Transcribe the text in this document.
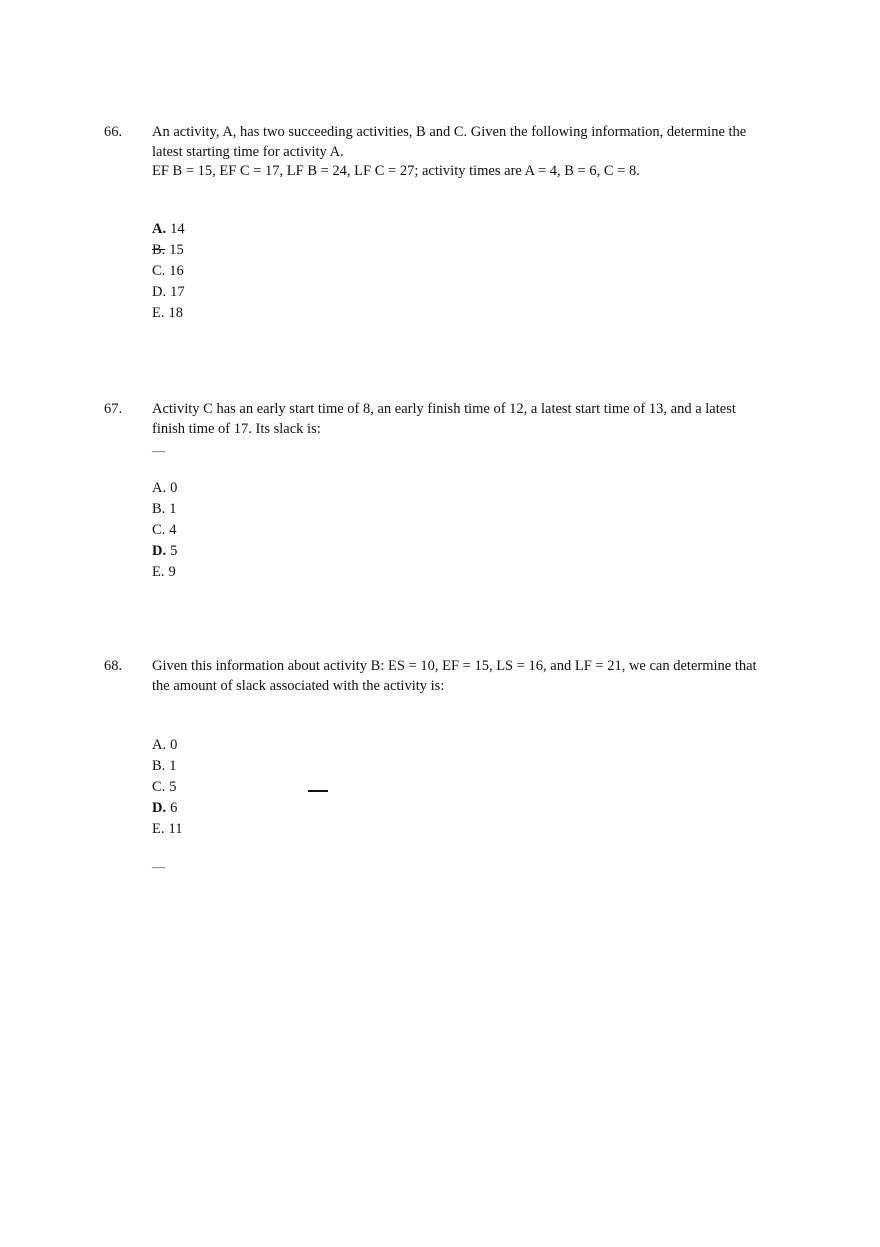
66. An activity, A, has two succeeding activities, B and C. Given the following information, determine the
latest starting time for activity A.
EF B = 15, EF C = 17, LF B = 24, LF C = 27; activity times are A = 4, B = 6, C = 8.
A. 14
B. 15
C. 16
D. 17
E. 18
67. Activity C has an early start time of 8, an early finish time of 12, a latest start time of 13, and a latest
finish time of 17. Its slack is:
—
A. 0
B. 1
C. 4
D. 5
E. 9
68. Given this information about activity B: ES = 10, EF = 15, LS = 16, and LF = 21, we can determine that
the amount of slack associated with the activity is:
A. 0
B. 1
C. 5
D. 6
E. 11
—
